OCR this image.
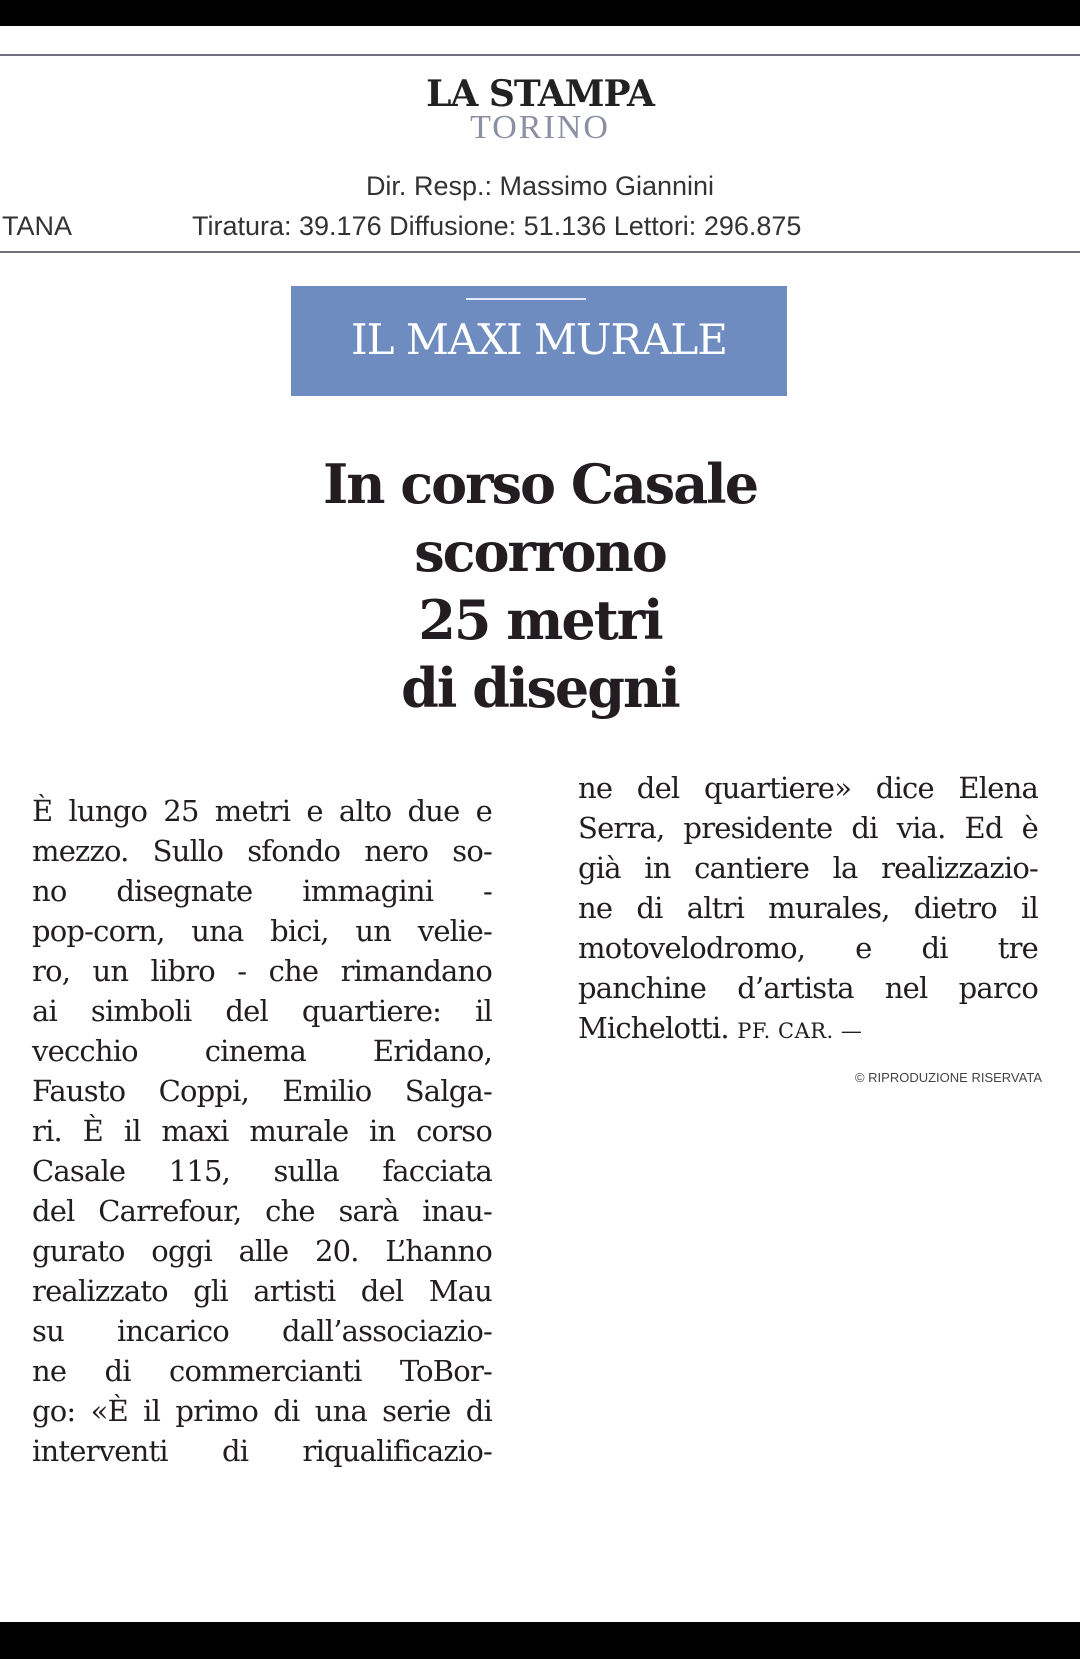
LA STAMPA
TORINO
Dir. Resp.: Massimo Giannini
TANA	Tiratura: 39.176 Diffusione: 51.136 Lettori: 296.875
IL MAXI MURALE
In corso Casale
scorrono
25 metri
di disegni
È lungo 25 metri e alto due e
mezzo. Sullo sfondo nero so-
no disegnate immagini -
pop-corn, una bici, un velie-
ro, un libro - che rimandano
ai simboli del quartiere: il
vecchio cinema Eridano,
Fausto Coppi, Emilio Salga-
ri. È il maxi murale in corso
Casale 115, sulla facciata
del Carrefour, che sarà inau-
gurato oggi alle 20. L’hanno
realizzato gli artisti del Mau
su incarico dall’associazio-
ne di commercianti ToBor-
go: «È il primo di una serie di
interventi di riqualificazio-
ne del quartiere» dice Elena
Serra, presidente di via. Ed è
già in cantiere la realizzazio-
ne di altri murales, dietro il
motovelodromo, e di tre
panchine d’artista nel parco
Michelotti. PF. CAR. —
© RIPRODUZIONE RISERVATA
